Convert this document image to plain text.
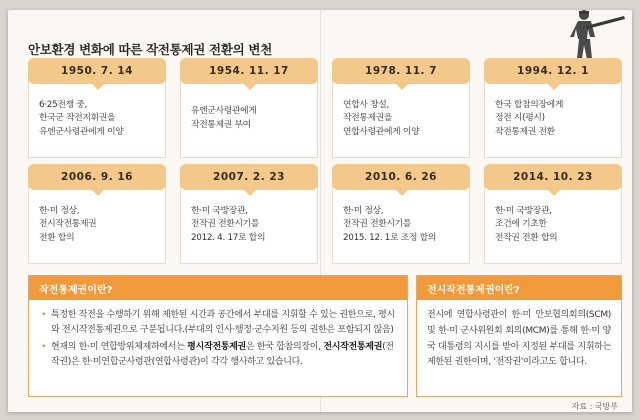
안보환경 변화에 따른 작전통제권 전환의 변천
6·25전쟁 중,
한국군 작전지휘권을
유엔군사령관에게 이양
1950. 7. 14
유엔군사령관에게
작전통제권 부여
1954. 11. 17
연합사 창설,
작전통제권을
연합사령관에게 이양
1978. 11. 7
한국 합참의장에게
정전 시(평시)
작전통제권 전환
1994. 12. 1
한·미 정상,
전시작전통제권
전환 합의
2006. 9. 16
한·미 국방장관,
전작권 전환시기를
2012. 4. 17로 합의
2007. 2. 23
한·미 정상,
전작권 전환시기를
2015. 12. 1로 조정 합의
2010. 6. 26
한·미 국방장관,
조건에 기초한
전작권 전환 합의
2014. 10. 23
작전통제권이란?
• 특정한 작전을 수행하기 위해 제한된 시간과 공간에서 부대를 지휘할 수 있는 권한으로, 평시와 전시작전통제권으로 구분됩니다.(부대의 인사·행정·군수지원 등의 권한은 포함되지 않음)
• 현재의 한·미 연합방위체제하에서는 평시작전통제권은 한국 합참의장이, 전시작전통제권(전작권)은 한·미연합군사령관(연합사령관)이 각각 행사하고 있습니다.
전시작전통제권이란?

전시에 연합사령관이 한·미 안보협의회의(SCM) 및 한·미 군사위원회 회의(MCM)를 통해 한·미 양국 대통령의 지시를 받아 지정된 부대를 지휘하는 제한된 권한이며, '전작권'이라고도 합니다.

자료 : 국방부
